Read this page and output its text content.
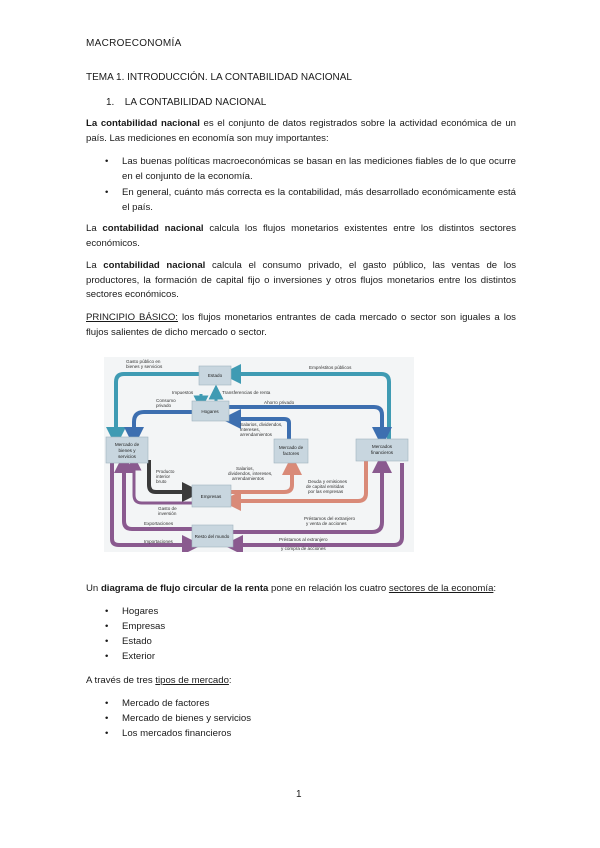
MACROECONOMÍA
TEMA 1. INTRODUCCIÓN. LA CONTABILIDAD NACIONAL
1. LA CONTABILIDAD NACIONAL
La contabilidad nacional es el conjunto de datos registrados sobre la actividad económica de un país. Las mediciones en economía son muy importantes:
• Las buenas políticas macroeconómicas se basan en las mediciones fiables de lo que ocurre en el conjunto de la economía.
• En general, cuánto más correcta es la contabilidad, más desarrollado económicamente está el país.
La contabilidad nacional calcula los flujos monetarios existentes entre los distintos sectores económicos.
La contabilidad nacional calcula el consumo privado, el gasto público, las ventas de los productores, la formación de capital fijo o inversiones y otros flujos monetarios entre los distintos sectores económicos.
PRINCIPIO BÁSICO: los flujos monetarios entrantes de cada mercado o sector son iguales a los flujos salientes de dicho mercado o sector.
Estado
Hogares
Mercado de
factores
Mercado de
bienes y
servicios
Mercados
financieros
Empresas
Resto del mundo
Gasto público en
bienes y servicios	Empréstitos públicos
Impuestos	Transferencias de renta
Consumo
privado
Ahorro privado
Salarios, dividendos,
intereses,
arrendamientos
Producto
interior
bruto
Salarios,
dividendos, intereses,
arrendamientos
Deuda y emisiones
de capital emitidas
por las empresas
Gasto de
inversión
Préstamos del extranjero
y venta de acciones
Exportaciones
Importaciones	Préstamos al extranjero
y compra de acciones
Un diagrama de flujo circular de la renta pone en relación los cuatro sectores de la economía:
• Hogares
• Empresas
• Estado
• Exterior
A través de tres tipos de mercado:
• Mercado de factores
• Mercado de bienes y servicios
• Los mercados financieros
1
